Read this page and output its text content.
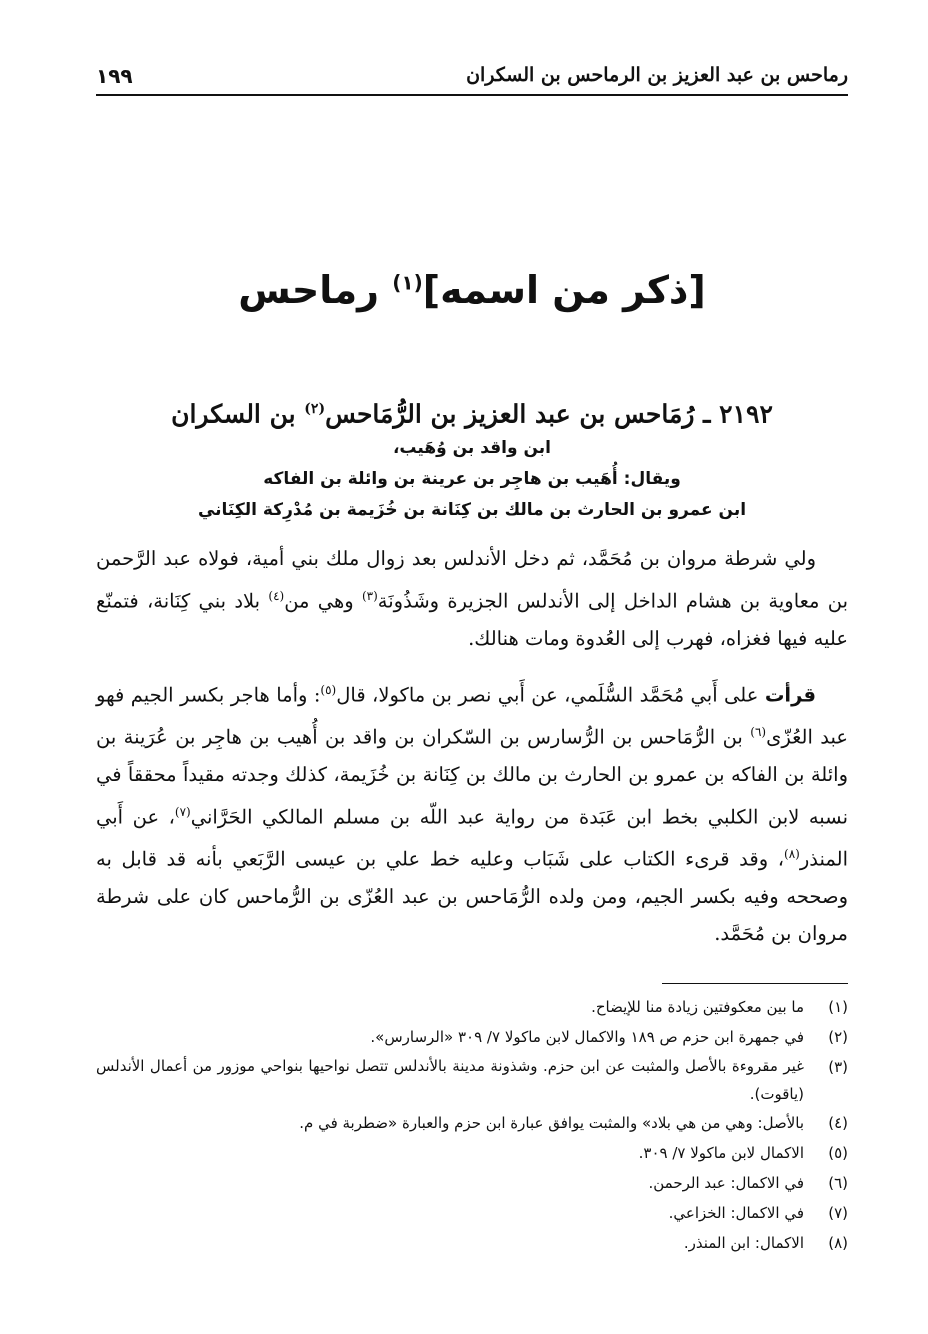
رماحس بن عبد العزيز بن الرماحس بن السكران
١٩٩
[ذكر من اسمه]$^{(١)}$ رماحس
٢١٩٢ ـ رُمَاحس بن عبد العزيز بن الرُّمَاحس$^{(٢)}$ بن السكران
ابن واقد بن وُهَيب،
ويقال: أُهَيب بن هاجِر بن عرينة بن وائلة بن الفاكه
ابن عمرو بن الحارث بن مالك بن كِنَانة بن خُزَيمة بن مُدْرِكة الكِنَاني

ولي شرطة مروان بن مُحَمَّد، ثم دخل الأندلس بعد زوال ملك بني أمية، فولاه عبد الرَّحمن بن معاوية بن هشام الداخل إلى الأندلس الجزيرة وشَذُونَة$^{(٣)}$ وهي من$^{(٤)}$ بلاد بني كِنَانة، فتمنّع عليه فيها فغزاه، فهرب إلى العُدوة ومات هنالك.

قرأت على أَبي مُحَمَّد السُّلَمي، عن أَبي نصر بن ماكولا، قال$^{(٥)}$: وأما هاجر بكسر الجيم فهو عبد العُزّى$^{(٦)}$ بن الرُّمَاحس بن الرُّسارس بن السّكران بن واقد بن أُهيب بن هاجِر بن عُرَينة بن وائلة بن الفاكه بن عمرو بن الحارث بن مالك بن كِنَانة بن خُزَيمة، كذلك وجدته مقيداً محققاً في نسبه لابن الكلبي بخط ابن عَبَدة من رواية عبد اللّه بن مسلم المالكي الحَرَّاني$^{(٧)}$، عن أَبي المنذر$^{(٨)}$، وقد قرىء الكتاب على شَبَاب وعليه خط علي بن عيسى الرَّبَعي بأنه قد قابل به وصححه وفيه بكسر الجيم، ومن ولده الرُّمَاحس بن عبد العُزّى بن الرُّماحس كان على شرطة مروان بن مُحَمَّد.

(١)
ما بين معكوفتين زيادة منا للإيضاح.
(٢)
في جمهرة ابن حزم ص ١٨٩ والاكمال لابن ماكولا ٧/ ٣٠٩ «الرسارس».
(٣)
غير مقروءة بالأصل والمثبت عن ابن حزم. وشذونة مدينة بالأندلس تتصل نواحيها بنواحي موزور من أعمال الأندلس (ياقوت).
(٤)
بالأصل: وهي من هي بلاد» والمثبت يوافق عبارة ابن حزم والعبارة «ضطربة في م.
(٥)
الاكمال لابن ماكولا ٧/ ٣٠٩.
(٦)
في الاكمال: عبد الرحمن.
(٧)
في الاكمال: الخزاعي.
(٨)
الاكمال: ابن المنذر.
